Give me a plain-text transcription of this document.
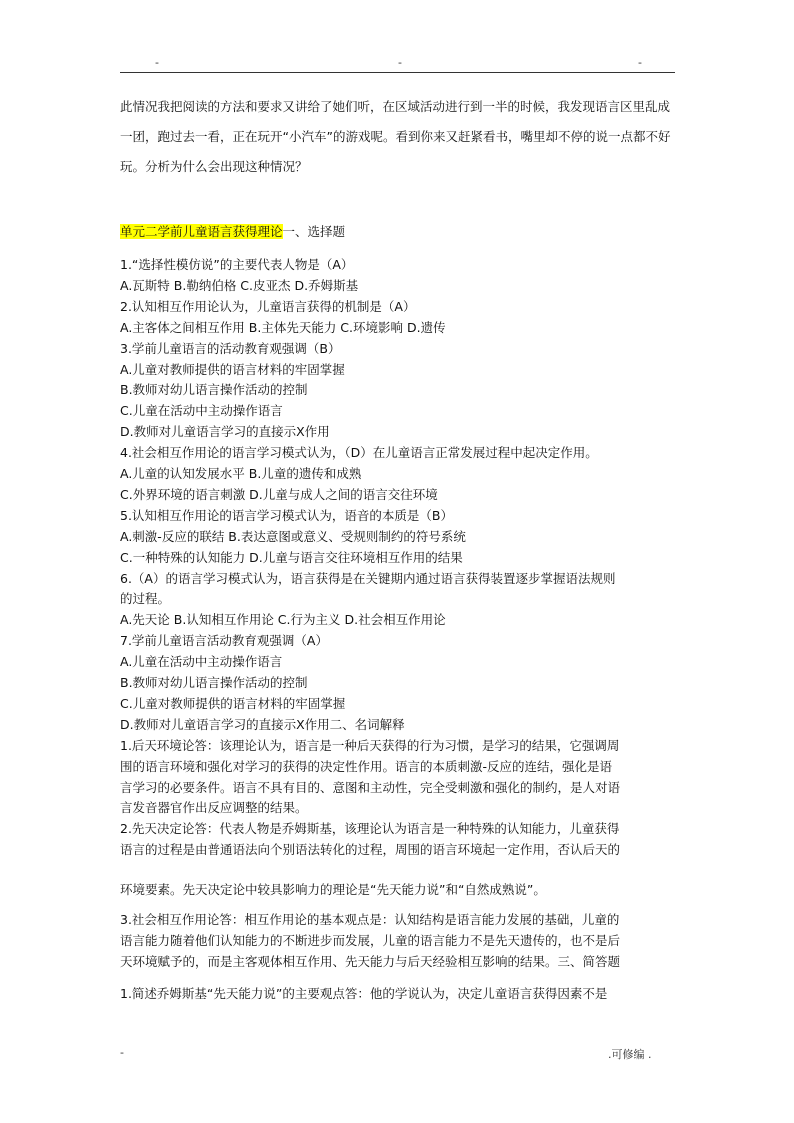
-	-	-
此情况我把阅读的方法和要求又讲给了她们听，在区域活动进行到一半的时候，我发现语言区里乱成一团，跑过去一看，正在玩开“小汽车”的游戏呢。看到你来又赶紧看书，嘴里却不停的说一点都不好玩。分析为什么会出现这种情况？
单元二学前儿童语言获得理论一、选择题
1.“选择性模仿说”的主要代表人物是（A）
A.瓦斯特 B.勒纳伯格 C.皮亚杰 D.乔姆斯基
2.认知相互作用论认为，儿童语言获得的机制是（A）
A.主客体之间相互作用 B.主体先天能力 C.环境影响 D.遗传
3.学前儿童语言的活动教育观强调（B）
A.儿童对教师提供的语言材料的牢固掌握
B.教师对幼儿语言操作活动的控制
C.儿童在活动中主动操作语言
D.教师对儿童语言学习的直接示X作用
4.社会相互作用论的语言学习模式认为，（D）在儿童语言正常发展过程中起决定作用。
A.儿童的认知发展水平 B.儿童的遗传和成熟
C.外界环境的语言刺激 D.儿童与成人之间的语言交往环境
5.认知相互作用论的语言学习模式认为，语音的本质是（B）
A.刺激-反应的联结 B.表达意图或意义、受规则制约的符号系统
C.一种特殊的认知能力 D.儿童与语言交往环境相互作用的结果
6.（A）的语言学习模式认为，语言获得是在关键期内通过语言获得装置逐步掌握语法规则
的过程。
A.先天论 B.认知相互作用论 C.行为主义 D.社会相互作用论
7.学前儿童语言活动教育观强调（A）
A.儿童在活动中主动操作语言
B.教师对幼儿语言操作活动的控制
C.儿童对教师提供的语言材料的牢固掌握
D.教师对儿童语言学习的直接示X作用二、名词解释
1.后天环境论答：该理论认为，语言是一种后天获得的行为习惯，是学习的结果，它强调周
围的语言环境和强化对学习的获得的决定性作用。语言的本质刺激-反应的连结，强化是语
言学习的必要条件。语言不具有目的、意图和主动性，完全受刺激和强化的制约，是人对语
言发音器官作出反应调整的结果。
2.先天决定论答：代表人物是乔姆斯基，该理论认为语言是一种特殊的认知能力，儿童获得
语言的过程是由普通语法向个别语法转化的过程，周围的语言环境起一定作用，否认后天的
环境要素。先天决定论中较具影响力的理论是“先天能力说”和“自然成熟说”。
3.社会相互作用论答：相互作用论的基本观点是：认知结构是语言能力发展的基础，儿童的
语言能力随着他们认知能力的不断进步而发展，儿童的语言能力不是先天遗传的，也不是后
天环境赋予的，而是主客观体相互作用、先天能力与后天经验相互影响的结果。三、简答题
1.简述乔姆斯基“先天能力说”的主要观点答：他的学说认为，决定儿童语言获得因素不是
-	.可修编 .
